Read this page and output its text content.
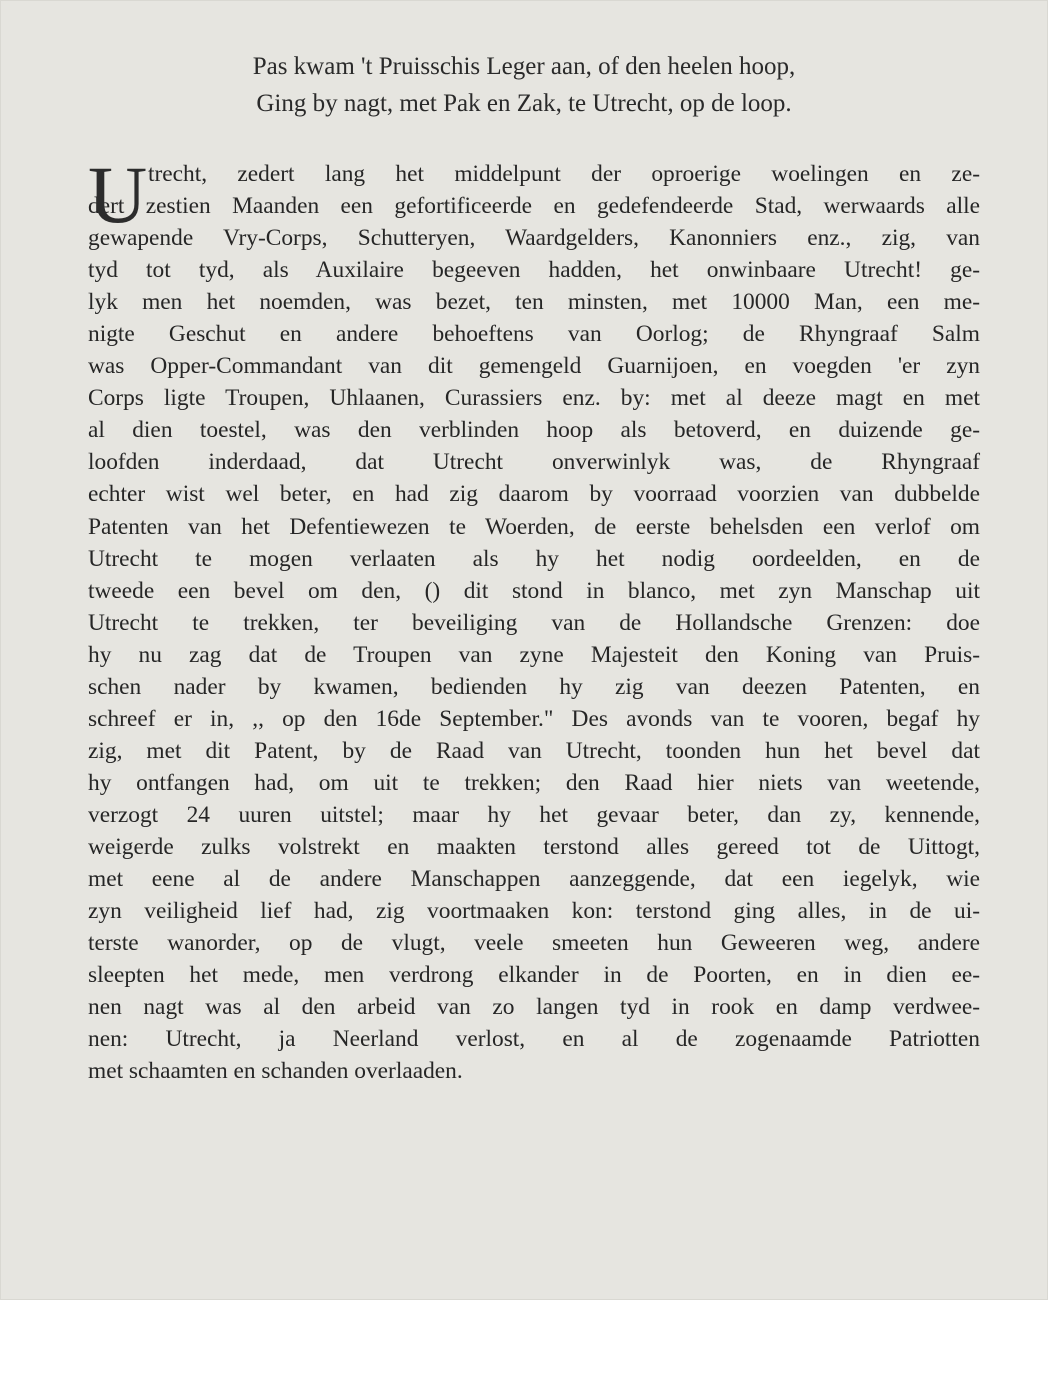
Pas kwam 't Pruisschis Leger aan, of den heelen hoop,
Ging by nagt, met Pak en Zak, te Utrecht, op de loop.
U trecht, zedert lang het middelpunt der oproerige woelingen en ze-
dert zestien Maanden een gefortificeerde en gedefendeerde Stad, werwaards alle
gewapende Vry-Corps, Schutteryen, Waardgelders, Kanonniers enz., zig, van
tyd tot tyd, als Auxilaire begeeven hadden, het onwinbaare Utrecht! ge-
lyk men het noemden, was bezet, ten minsten, met 10000 Man, een me-
nigte Geschut en andere behoeftens van Oorlog; de Rhyngraaf Salm
was Opper-Commandant van dit gemengeld Guarnijoen, en voegden 'er zyn
Corps ligte Troupen, Uhlaanen, Curassiers enz. by: met al deeze magt en met
al dien toestel, was den verblinden hoop als betoverd, en duizende ge-
loofden inderdaad, dat Utrecht onverwinlyk was, de Rhyngraaf
echter wist wel beter, en had zig daarom by voorraad voorzien van dubbelde
Patenten van het Defentiewezen te Woerden, de eerste behelsden een verlof om
Utrecht te mogen verlaaten als hy het nodig oordeelden, en de
tweede een bevel om den, () dit stond in blanco, met zyn Manschap uit
Utrecht te trekken, ter beveiliging van de Hollandsche Grenzen: doe
hy nu zag dat de Troupen van zyne Majesteit den Koning van Pruis-
schen nader by kwamen, bedienden hy zig van deezen Patenten, en
schreef er in, ,, op den 16de September." Des avonds van te vooren, begaf hy
zig, met dit Patent, by de Raad van Utrecht, toonden hun het bevel dat
hy ontfangen had, om uit te trekken; den Raad hier niets van weetende,
verzogt 24 uuren uitstel; maar hy het gevaar beter, dan zy, kennende,
weigerde zulks volstrekt en maakten terstond alles gereed tot de Uittogt,
met eene al de andere Manschappen aanzeggende, dat een iegelyk, wie
zyn veiligheid lief had, zig voortmaaken kon: terstond ging alles, in de ui-
terste wanorder, op de vlugt, veele smeeten hun Geweeren weg, andere
sleepten het mede, men verdrong elkander in de Poorten, en in dien ee-
nen nagt was al den arbeid van zo langen tyd in rook en damp verdwee-
nen: Utrecht, ja Neerland verlost, en al de zogenaamde Patriotten
met schaamten en schanden overlaaden.
